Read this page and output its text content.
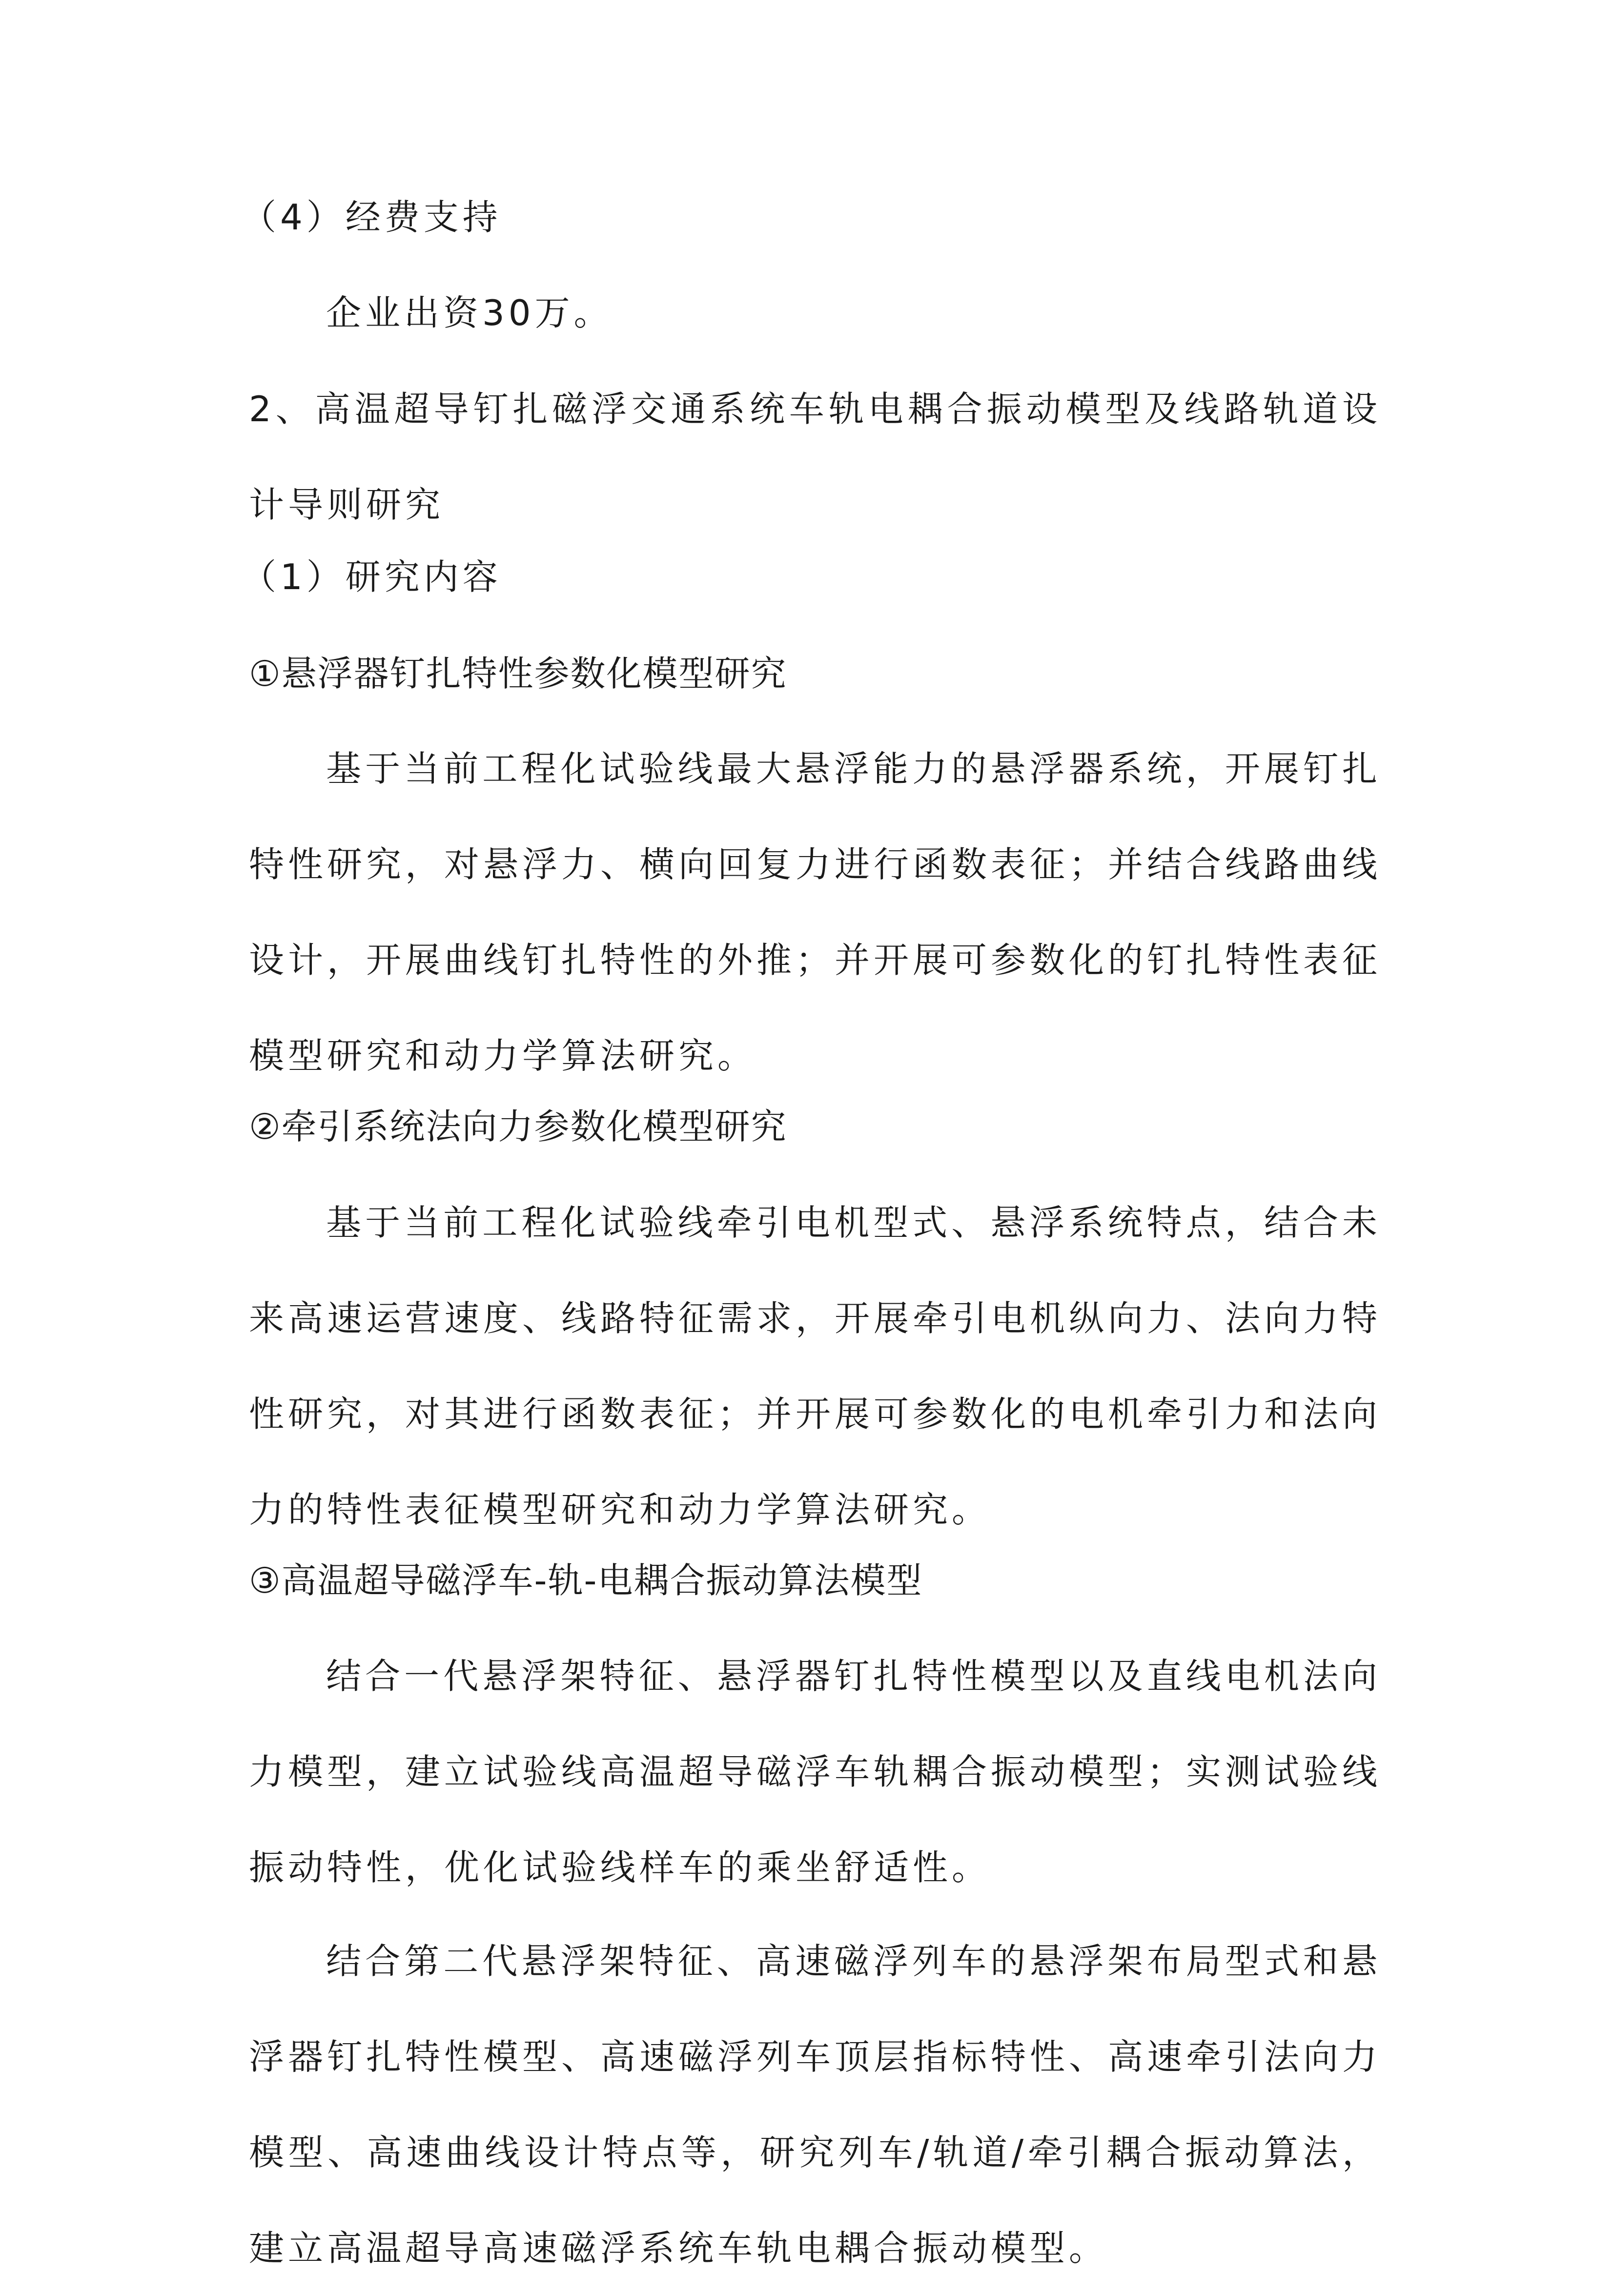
（4）经费支持

企业出资30万。

2、高温超导钉扎磁浮交通系统车轨电耦合振动模型及线路轨道设计导则研究

（1）研究内容

①悬浮器钉扎特性参数化模型研究

基于当前工程化试验线最大悬浮能力的悬浮器系统，开展钉扎特性研究，对悬浮力、横向回复力进行函数表征；并结合线路曲线设计，开展曲线钉扎特性的外推；并开展可参数化的钉扎特性表征模型研究和动力学算法研究。

②牵引系统法向力参数化模型研究

基于当前工程化试验线牵引电机型式、悬浮系统特点，结合未来高速运营速度、线路特征需求，开展牵引电机纵向力、法向力特性研究，对其进行函数表征；并开展可参数化的电机牵引力和法向力的特性表征模型研究和动力学算法研究。

③高温超导磁浮车-轨-电耦合振动算法模型

结合一代悬浮架特征、悬浮器钉扎特性模型以及直线电机法向力模型，建立试验线高温超导磁浮车轨耦合振动模型；实测试验线振动特性，优化试验线样车的乘坐舒适性。

结合第二代悬浮架特征、高速磁浮列车的悬浮架布局型式和悬浮器钉扎特性模型、高速磁浮列车顶层指标特性、高速牵引法向力模型、高速曲线设计特点等，研究列车/轨道/牵引耦合振动算法，建立高温超导高速磁浮系统车轨电耦合振动模型。
